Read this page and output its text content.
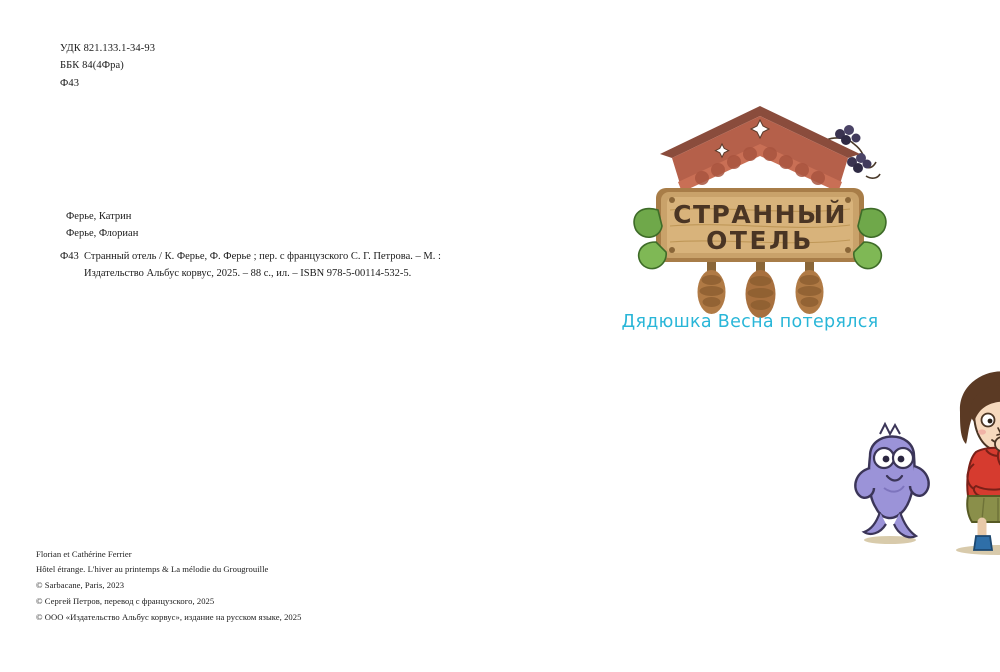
УДК 821.133.1-34-93
ББК 84(4Фра)
Ф43
Ферье, Катрин
Ферье, Флориан
Ф43 Странный отель / К. Ферье, Ф. Ферье ; пер. с французского С. Г. Петрова. – М. :
Издательство Альбус корвус, 2025. – 88 с., ил. – ISBN 978-5-00114-532-5.
Florian et Cathérine Ferrier
Hôtel étrange. L'hiver au printemps & La mélodie du Grougrouille
© Sarbacane, Paris, 2023
© Сергей Петров, перевод с французского, 2025
© ООО «Издательство Альбус корвус», издание на русском языке, 2025
СТРАННЫЙ
ОТЕЛЬ
Дядюшка Весна потерялся
